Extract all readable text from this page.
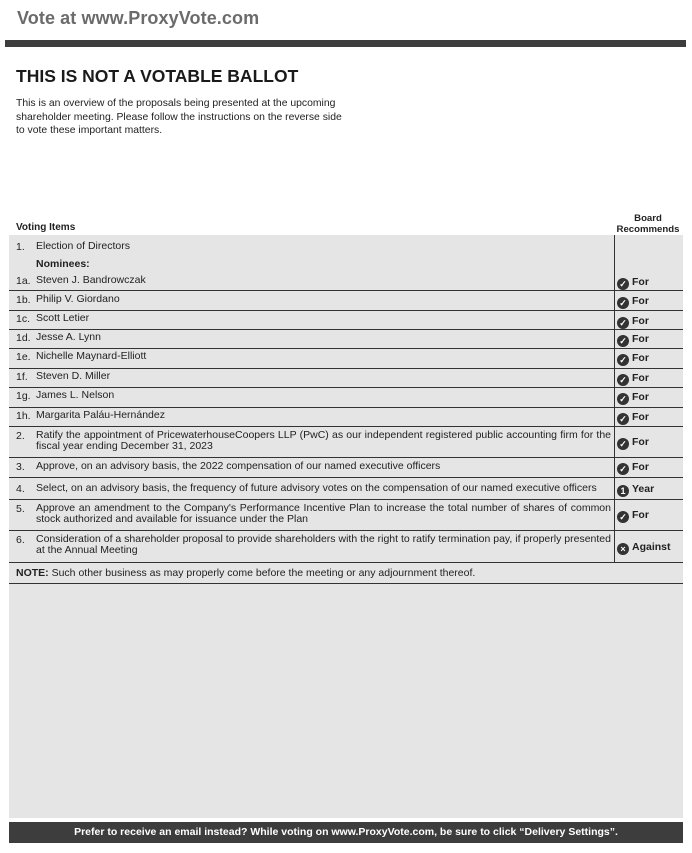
Vote at www.ProxyVote.com
THIS IS NOT A VOTABLE BALLOT
This is an overview of the proposals being presented at the upcoming shareholder meeting. Please follow the instructions on the reverse side to vote these important matters.
Voting Items
Board
Recommends
1. Election of Directors
Nominees:
1a. Steven J. Bandrowczak	✓ For
1b. Philip V. Giordano	✓ For
1c. Scott Letier	✓ For
1d. Jesse A. Lynn	✓ For
1e. Nichelle Maynard-Elliott	✓ For
1f. Steven D. Miller	✓ For
1g. James L. Nelson	✓ For
1h. Margarita Paláu-Hernández	✓ For
2. Ratify the appointment of PricewaterhouseCoopers LLP (PwC) as our independent registered public accounting firm for the fiscal year ending December 31, 2023	✓ For
3. Approve, on an advisory basis, the 2022 compensation of our named executive officers	✓ For
4. Select, on an advisory basis, the frequency of future advisory votes on the compensation of our named executive officers	1 Year
5. Approve an amendment to the Company's Performance Incentive Plan to increase the total number of shares of common stock authorized and available for issuance under the Plan	✓ For
6. Consideration of a shareholder proposal to provide shareholders with the right to ratify termination pay, if properly presented at the Annual Meeting	× Against
NOTE: Such other business as may properly come before the meeting or any adjournment thereof.
Prefer to receive an email instead? While voting on www.ProxyVote.com, be sure to click “Delivery Settings”.
